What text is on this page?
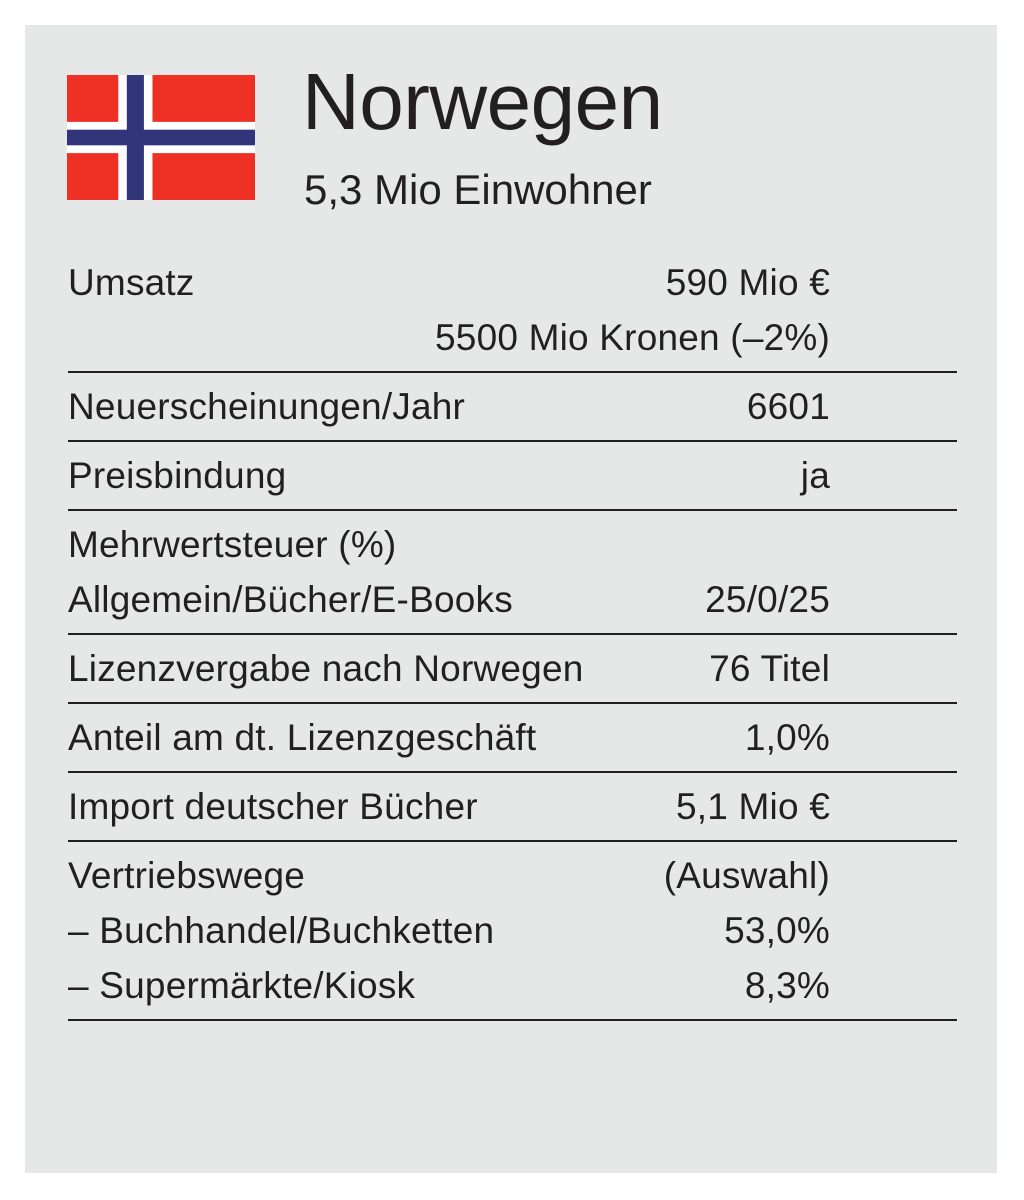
Norwegen
5,3 Mio Einwohner
Umsatz	590 Mio €
5500 Mio Kronen (–2%)
Neuerscheinungen/Jahr	6601
Preisbindung	ja
Mehrwertsteuer (%)
Allgemein/Bücher/E-Books	25/0/25
Lizenzvergabe nach Norwegen	76 Titel
Anteil am dt. Lizenzgeschäft	1,0%
Import deutscher Bücher	5,1 Mio €
Vertriebswege	(Auswahl)
– Buchhandel/Buchketten	53,0%
– Supermärkte/Kiosk	8,3%
